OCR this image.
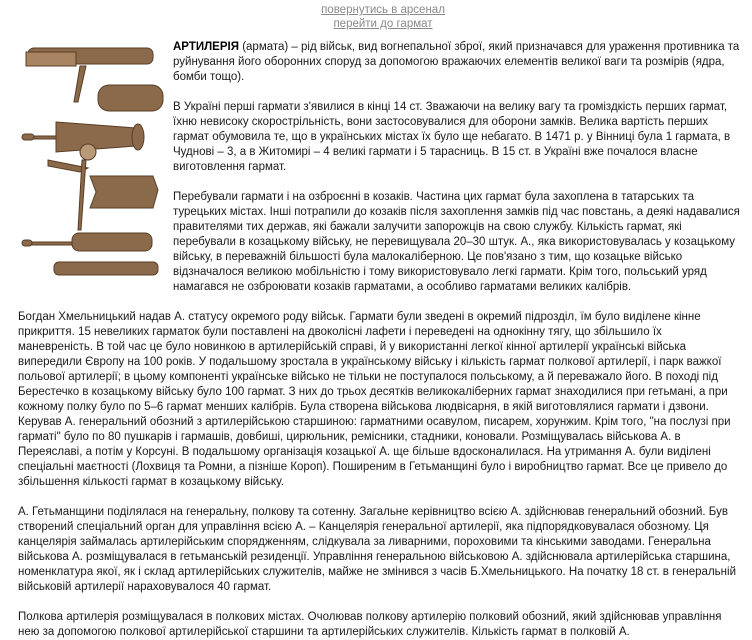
повернутись в арсенал
перейти до гармат

АРТИЛЕРІЯ (армата) – рід військ, вид вогнепальної зброї, який призначався для ураження противника та руйнування його оборонних споруд за допомогою вражаючих елементів великої ваги та розмірів (ядра, бомби тощо).

В Україні перші гармати з'явилися в кінці 14 ст. Зважаючи на велику вагу та громіздкість перших гармат, їхню невисоку скорострільність, вони застосовувалися для оборони замків. Велика вартість перших гармат обумовила те, що в українських містах їх було ще небагато. В 1471 р. у Вінниці була 1 гармата, в Чуднові – 3, а в Житомирі – 4 великі гармати і 5 тарасниць. В 15 ст. в Україні вже почалося власне виготовлення гармат.

Перебували гармати і на озброєнні в козаків. Частина цих гармат була захоплена в татарських та турецьких містах. Інші потрапили до козаків після захоплення замків під час повстань, а деякі надавалися правителями тих держав, які бажали залучити запорожців на свою службу. Кількість гармат, які перебували в козацькому війську, не перевищувала 20–30 штук. А., яка використовувалась у козацькому війську, в переважній більшості була малокаліберною. Це пов'язано з тим, що козацьке військо відзначалося великою мобільністю і тому використовувало легкі гармати. Крім того, польський уряд намагався не озброювати козаків гарматами, а особливо гарматами великих калібрів.

Богдан Хмельницький надав А. статусу окремого роду військ. Гармати були зведені в окремий підрозділ, їм було виділене кінне прикриття. 15 невеликих гарматок були поставлені на двоколісні лафети і переведені на однокінну тягу, що збільшило їх маневреність. В той час це було новинкою в артилерійській справі, й у використанні легкої кінної артилерії українські війська випередили Європу на 100 років. У подальшому зростала в українському війську і кількість гармат полкової артилерії, і парк важкої польової артилерії; в цьому компоненті українське військо не тільки не поступалося польському, а й переважало його. В поході під Берестечко в козацькому війську було 100 гармат. З них до трьох десятків великокаліберних гармат знаходилися при гетьмані, а при кожному полку було по 5–6 гармат менших калібрів. Була створена військова людвісарня, в якій виготовлялися гармати і дзвони. Керував А. генеральний обозний з артилерійською старшиною: гарматними осавулом, писарем, хорунжим. Крім того, "на послузі при гарматі" було по 80 пушкарів і гармашів, довбиші, цирюльник, ремісники, стадники, коновали. Розміщувалась військова А. в Переяславі, а потім у Корсуні. В подальшому організація козацької А. ще більше вдосконалилася. На утримання А. були виділені спеціальні маєтності (Лохвиця та Ромни, а пізніше Короп). Поширеним в Гетьманщині було і виробництво гармат. Все це привело до збільшення кількості гармат в козацькому війську.

А. Гетьманщини поділялася на генеральну, полкову та сотенну. Загальне керівництво всією А. здійснював генеральний обозний. Був створений спеціальний орган для управління всією А. – Канцелярія генеральної артилерії, яка підпорядковувалася обозному. Ця канцелярія займалась артилерійським спорядженням, слідкувала за ливарними, пороховими та кінськими заводами. Генеральна військова А. розміщувалася в гетьманській резиденції. Управління генеральною військовою А. здійснювала артилерійська старшина, номенклатура якої, як і склад артилерійських служителів, майже не змінився з часів Б.Хмельницького. На початку 18 ст. в генеральній військовій артилерії нараховувалося 40 гармат.

Полкова артилерія розміщувалася в полкових містах. Очолював полкову артилерію полковий обозний, який здійснював управління нею за допомогою полкової артилерійської старшини та артилерійських служителів. Кількість гармат в полковій А.
